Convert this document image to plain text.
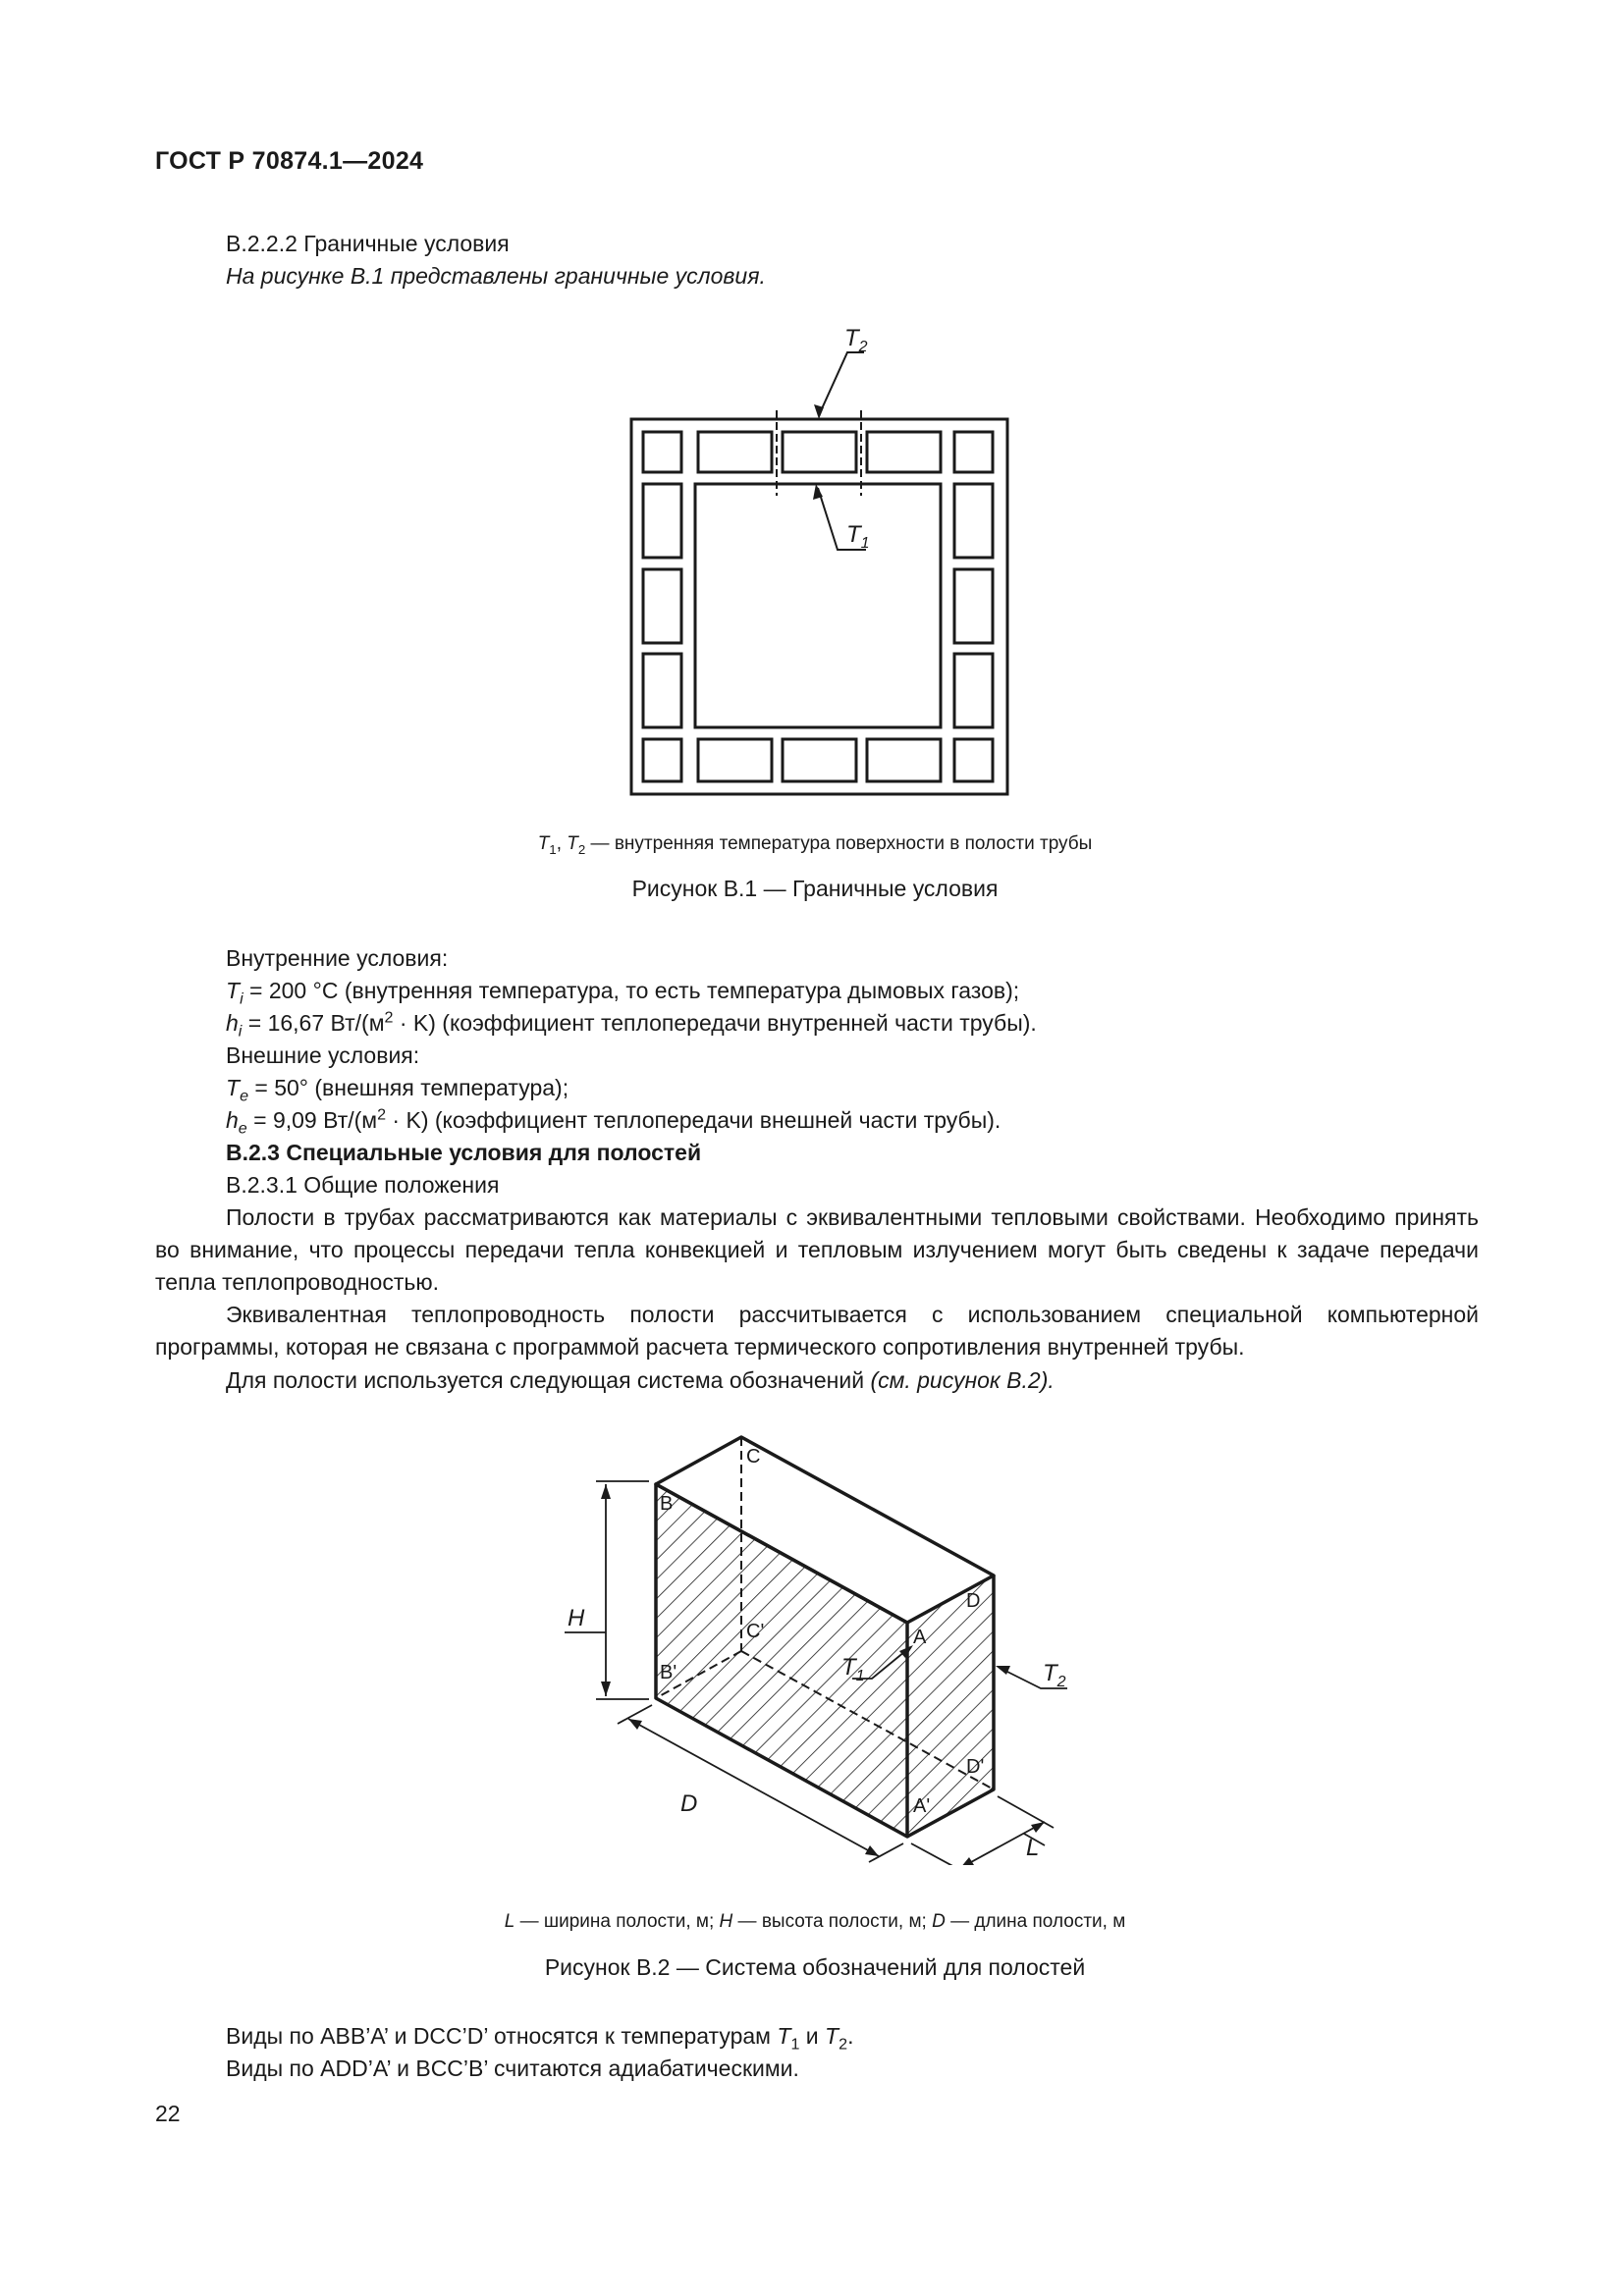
ГОСТ Р 70874.1—2024
В.2.2.2 Граничные условия
На рисунке В.1 представлены граничные условия.
$T_2$
$T_1$
$T_1$, $T_2$ — внутренняя температура поверхности в полости трубы
Рисунок В.1 — Граничные условия
Внутренние условия:
$T_i = 200$ °С (внутренняя температура, то есть температура дымовых газов);
$h_i = 16,67$ $Вт/(м^2 \cdot K)$ (коэффициент теплопередачи внутренней части трубы).
Внешние условия:
$T_e = 50^\circ$ (внешняя температура);
$h_e = 9,09$ $Вт/(м^2 \cdot K)$ (коэффициент теплопередачи внешней части трубы).
В.2.3 Специальные условия для полостей
В.2.3.1 Общие положения
Полости в трубах рассматриваются как материалы с эквивалентными тепловыми свойствами. Необходимо принять во внимание, что процессы передачи тепла конвекцией и тепловым излучением могут быть сведены к задаче передачи тепла теплопроводностью.
Эквивалентная теплопроводность полости рассчитывается с использованием специальной компьютерной программы, которая не связана с программой расчета термического сопротивления внутренней трубы.
Для полости используется следующая система обозначений (см. рисунок В.2).
C
B
C'
B'
D
A
D'
A'
H
D
L
$T_1$	$T_2$
L — ширина полости, м; H — высота полости, м; D — длина полости, м
Рисунок В.2 — Система обозначений для полостей
Виды по ABB’A’ и DCC’D’ относятся к температурам $T_1$ и $T_2$.
Виды по ADD’A’ и BCC’B’ считаются адиабатическими.
22
